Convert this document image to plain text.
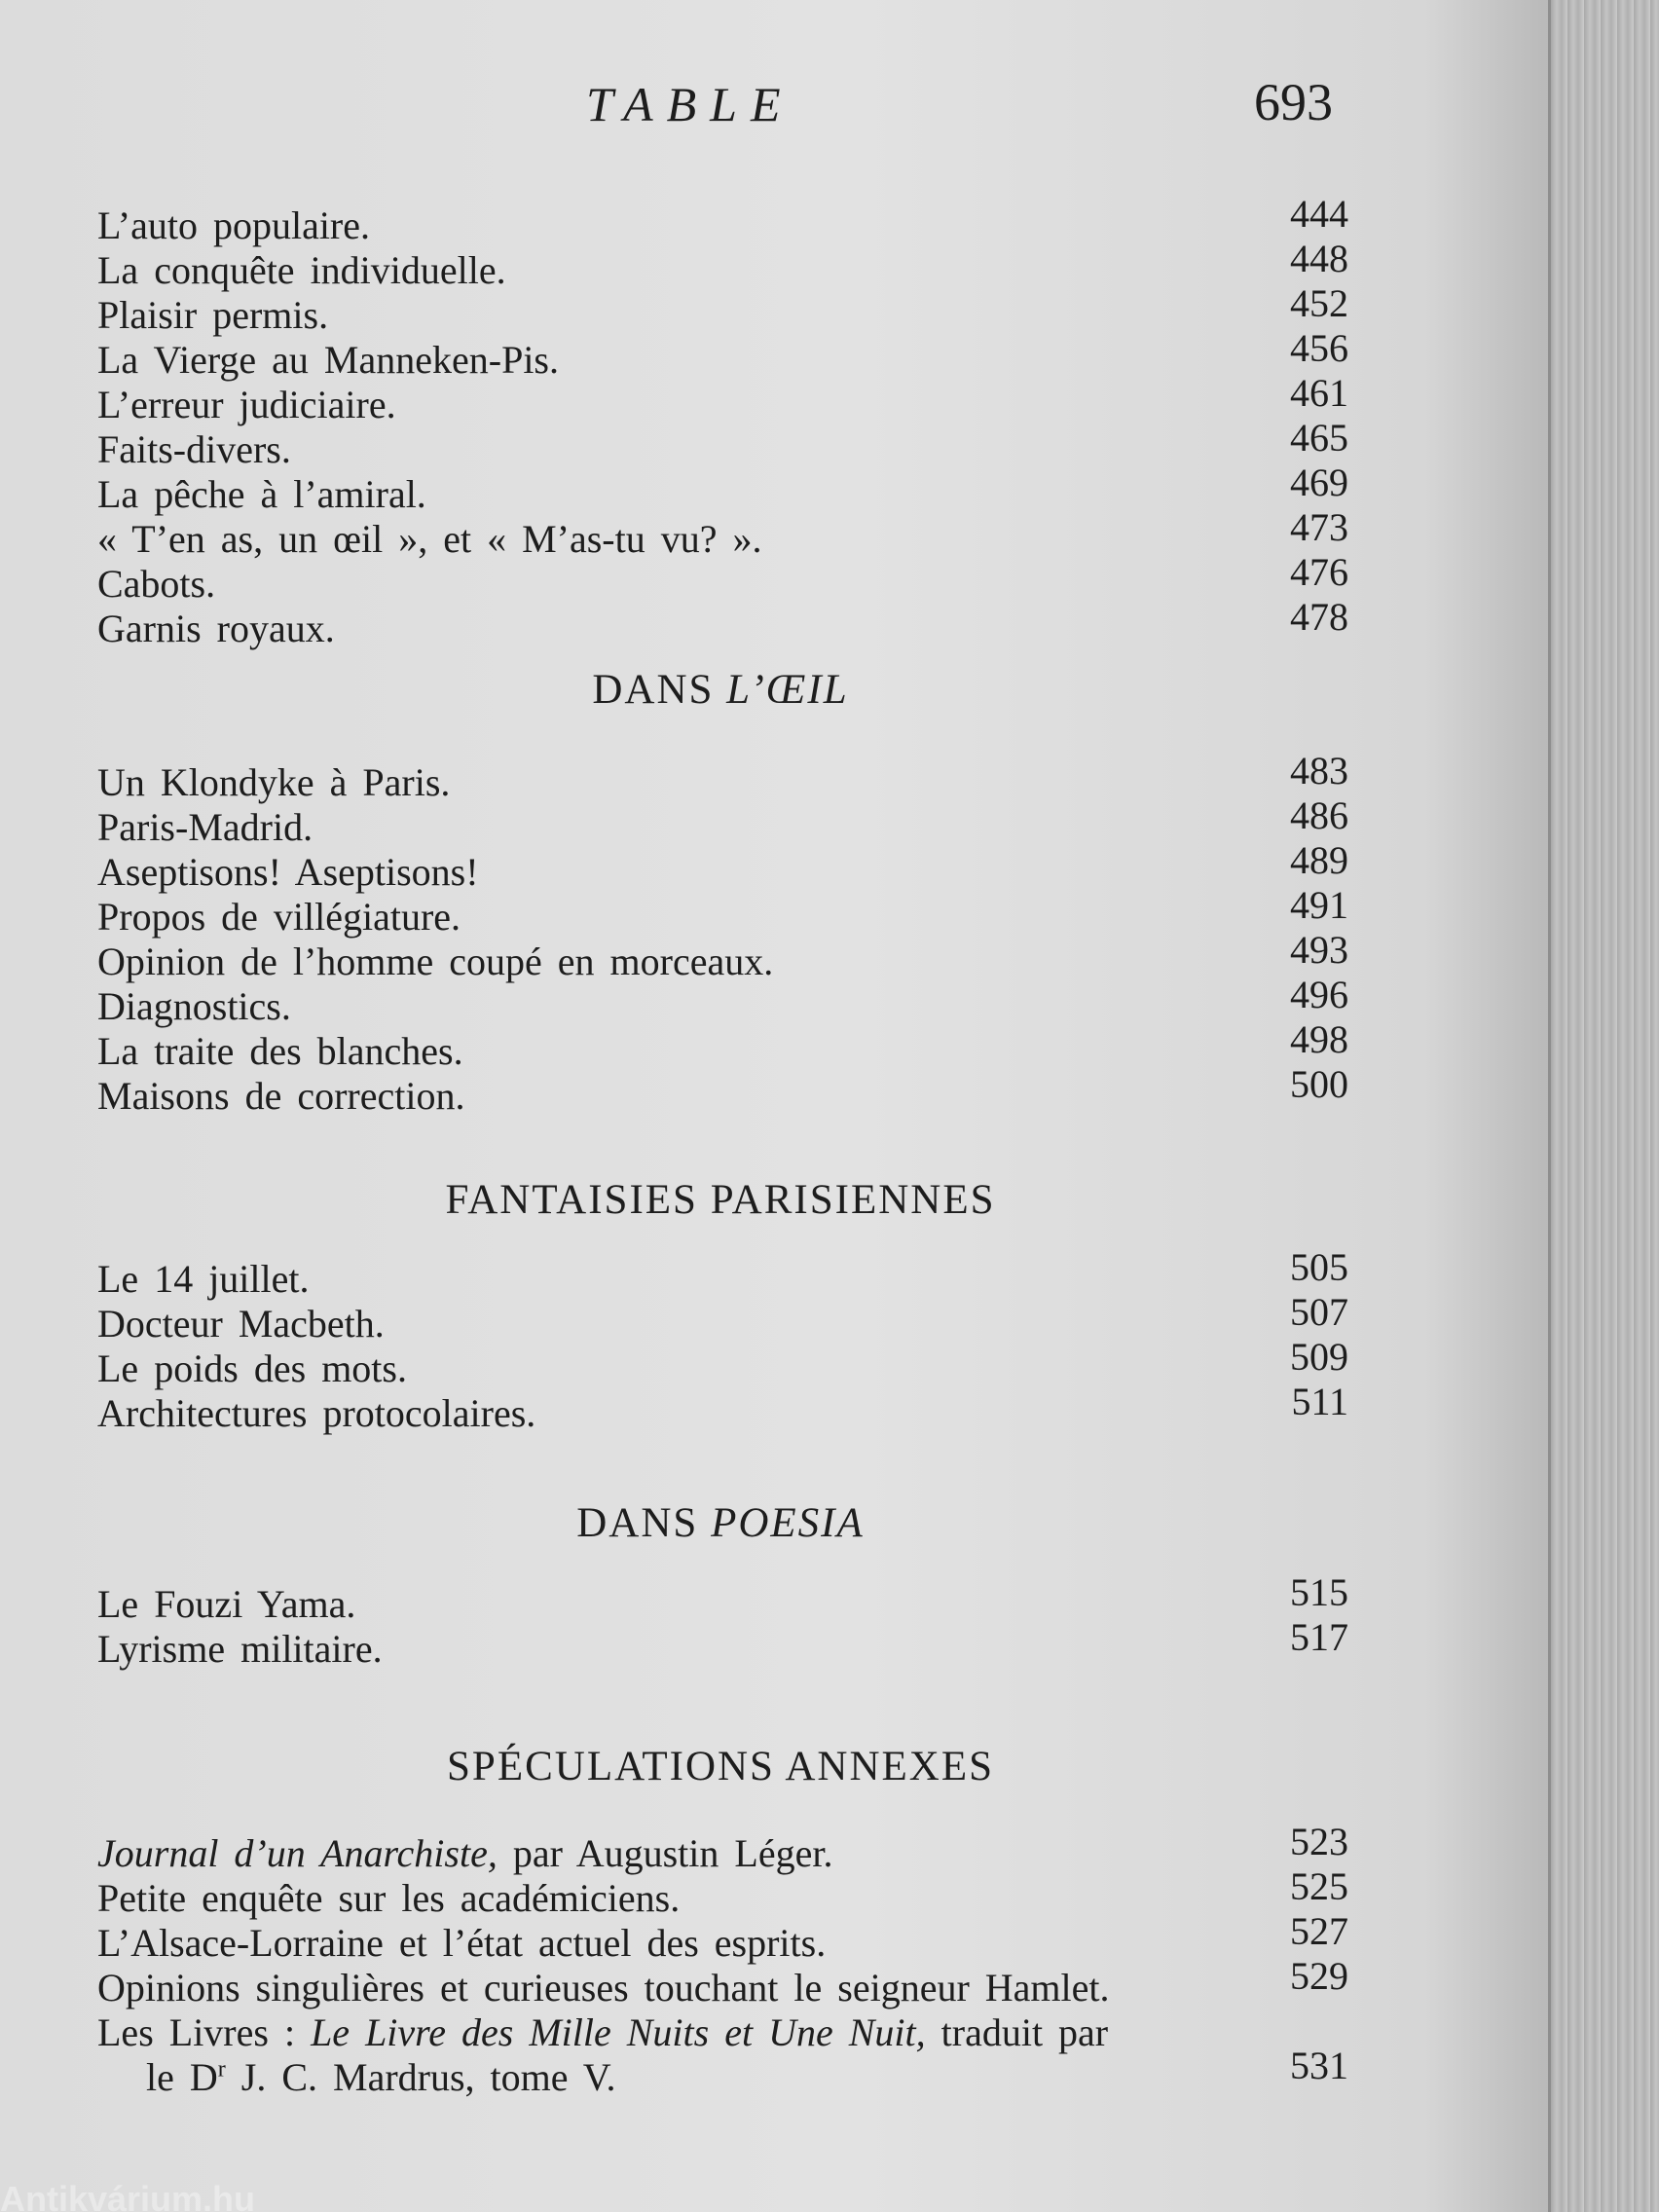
TABLE	693
L’auto populaire.	444
La conquête individuelle.	448
Plaisir permis.	452
La Vierge au Manneken-Pis.	456
L’erreur judiciaire.	461
Faits-divers.	465
La pêche à l’amiral.	469
« T’en as, un œil », et « M’as-tu vu? ».	473
Cabots.	476
Garnis royaux.	478
DANS L’ŒIL
Un Klondyke à Paris.	483
Paris-Madrid.	486
Aseptisons! Aseptisons!	489
Propos de villégiature.	491
Opinion de l’homme coupé en morceaux.	493
Diagnostics.	496
La traite des blanches.	498
Maisons de correction.	500
FANTAISIES PARISIENNES
Le 14 juillet.	505
Docteur Macbeth.	507
Le poids des mots.	509
Architectures protocolaires.	511
DANS POESIA
Le Fouzi Yama.	515
Lyrisme militaire.	517
SPÉCULATIONS ANNEXES
Journal d’un Anarchiste, par Augustin Léger.	523
Petite enquête sur les académiciens.	525
L’Alsace-Lorraine et l’état actuel des esprits.	527
Opinions singulières et curieuses touchant le seigneur Hamlet.	529
Les Livres : Le Livre des Mille Nuits et Une Nuit, traduit par
le $D^r$ J. C. Mardrus, tome V.	531
Antikvárium.hu
